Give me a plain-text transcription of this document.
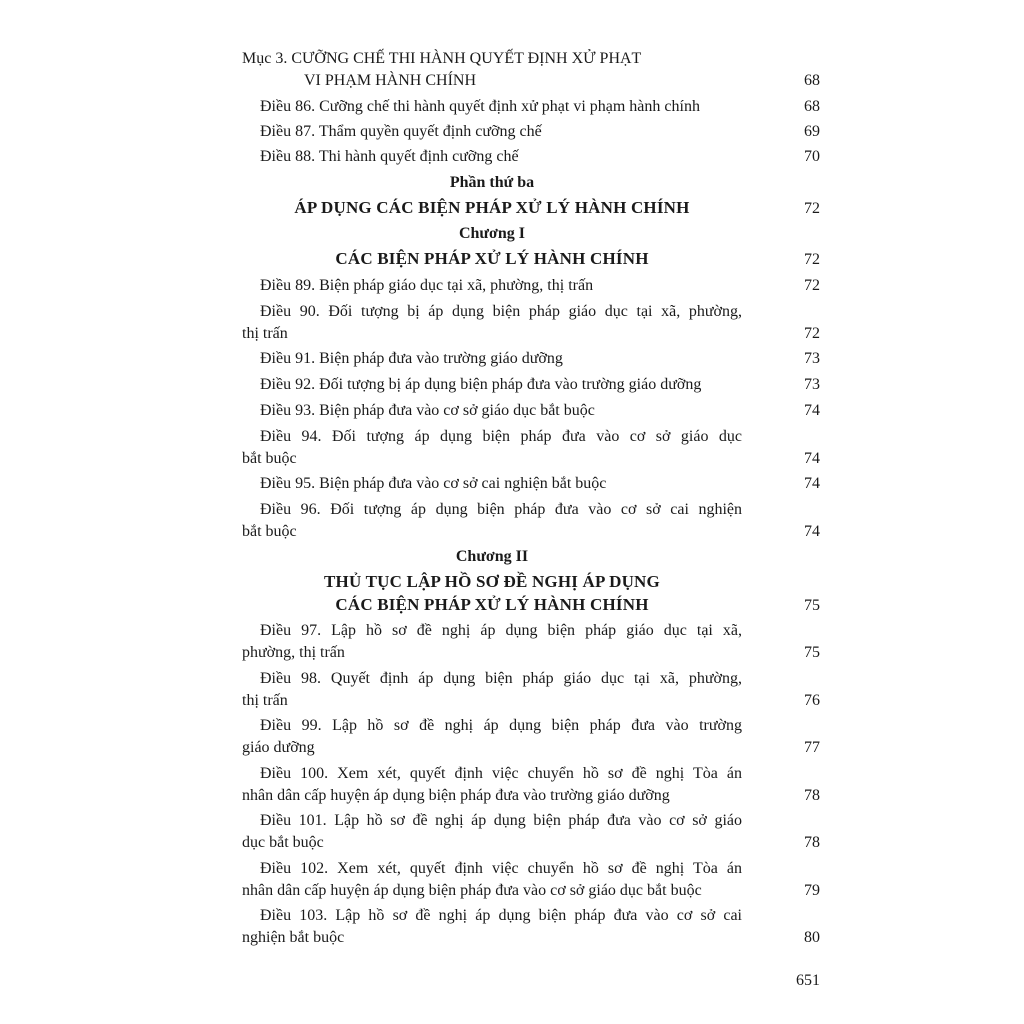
Mục 3. CƯỠNG CHẾ THI HÀNH QUYẾT ĐỊNH XỬ PHẠT
VI PHẠM HÀNH CHÍNH	68
Điều 86. Cưỡng chế thi hành quyết định xử phạt vi phạm hành chính	68
Điều 87. Thẩm quyền quyết định cưỡng chế	69
Điều 88. Thi hành quyết định cưỡng chế	70
Phần thứ ba
ÁP DỤNG CÁC BIỆN PHÁP XỬ LÝ HÀNH CHÍNH	72
Chương I
CÁC BIỆN PHÁP XỬ LÝ HÀNH CHÍNH	72
Điều 89. Biện pháp giáo dục tại xã, phường, thị trấn	72
Điều 90. Đối tượng bị áp dụng biện pháp giáo dục tại xã, phường,
thị trấn	72
Điều 91. Biện pháp đưa vào trường giáo dưỡng	73
Điều 92. Đối tượng bị áp dụng biện pháp đưa vào trường giáo dưỡng	73
Điều 93. Biện pháp đưa vào cơ sở giáo dục bắt buộc	74
Điều 94. Đối tượng áp dụng biện pháp đưa vào cơ sở giáo dục
bắt buộc	74
Điều 95. Biện pháp đưa vào cơ sở cai nghiện bắt buộc	74
Điều 96. Đối tượng áp dụng biện pháp đưa vào cơ sở cai nghiện
bắt buộc	74
Chương II
THỦ TỤC LẬP HỒ SƠ ĐỀ NGHỊ ÁP DỤNG
CÁC BIỆN PHÁP XỬ LÝ HÀNH CHÍNH	75
Điều 97. Lập hồ sơ đề nghị áp dụng biện pháp giáo dục tại xã,
phường, thị trấn	75
Điều 98. Quyết định áp dụng biện pháp giáo dục tại xã, phường,
thị trấn	76
Điều 99. Lập hồ sơ đề nghị áp dụng biện pháp đưa vào trường
giáo dưỡng	77
Điều 100. Xem xét, quyết định việc chuyển hồ sơ đề nghị Tòa án
nhân dân cấp huyện áp dụng biện pháp đưa vào trường giáo dưỡng	78
Điều 101. Lập hồ sơ đề nghị áp dụng biện pháp đưa vào cơ sở giáo
dục bắt buộc	78
Điều 102. Xem xét, quyết định việc chuyển hồ sơ đề nghị Tòa án
nhân dân cấp huyện áp dụng biện pháp đưa vào cơ sở giáo dục bắt buộc	79
Điều 103. Lập hồ sơ đề nghị áp dụng biện pháp đưa vào cơ sở cai
nghiện bắt buộc	80
651
